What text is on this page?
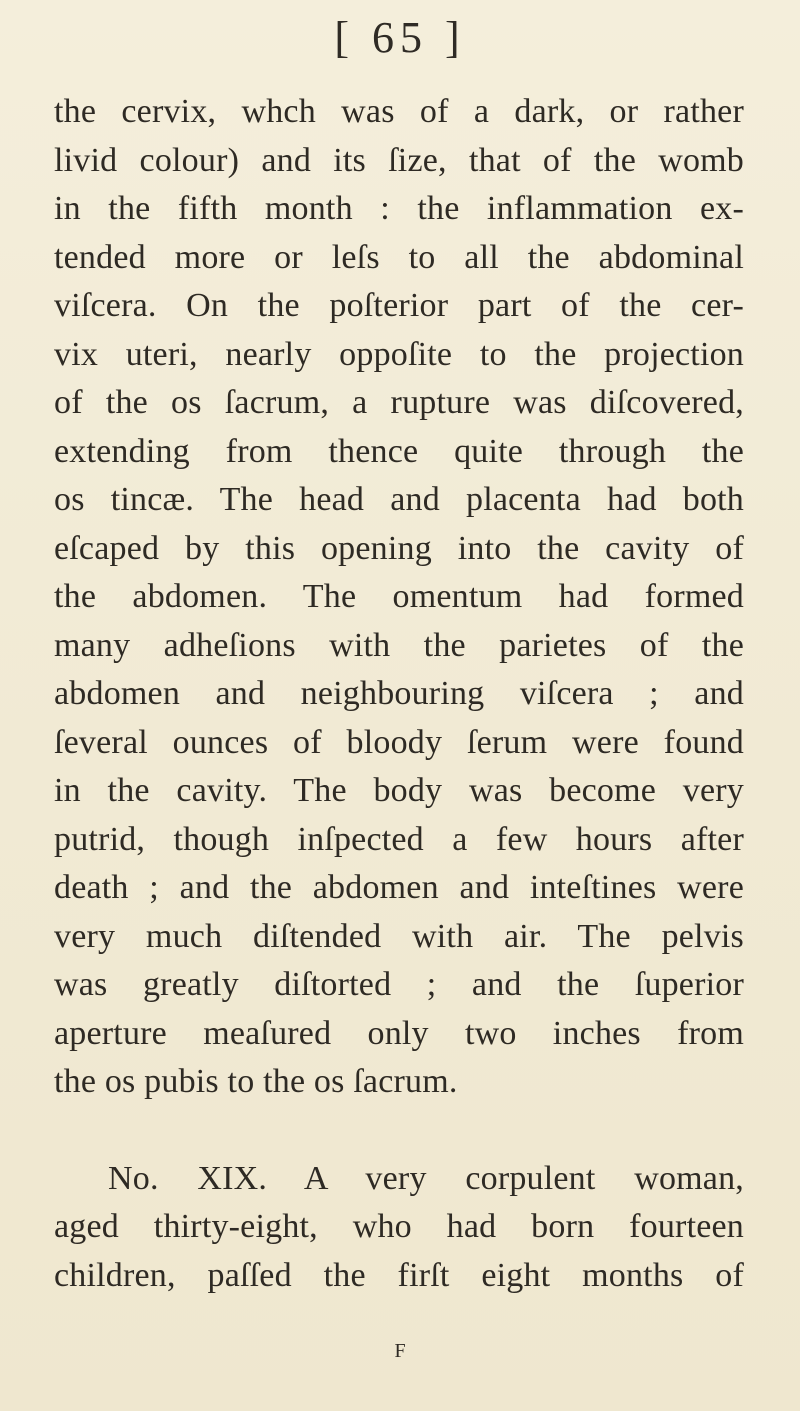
[ 65 ]
the cervix, whch was of a dark, or rather
livid colour) and its ſize, that of the womb
in the fifth month : the inflammation ex-
tended more or leſs to all the abdominal
viſcera. On the poſterior part of the cer-
vix uteri, nearly oppoſite to the projection
of the os ſacrum, a rupture was diſcovered,
extending from thence quite through the
os tincæ. The head and placenta had both
eſcaped by this opening into the cavity of
the abdomen. The omentum had formed
many adheſions with the parietes of the
abdomen and neighbouring viſcera ; and
ſeveral ounces of bloody ſerum were found
in the cavity. The body was become very
putrid, though inſpected a few hours after
death ; and the abdomen and inteſtines were
very much diſtended with air. The pelvis
was greatly diſtorted ; and the ſuperior
aperture meaſured only two inches from
the os pubis to the os ſacrum.
No. XIX. A very corpulent woman,
aged thirty-eight, who had born fourteen
children, paſſed the firſt eight months of
F
